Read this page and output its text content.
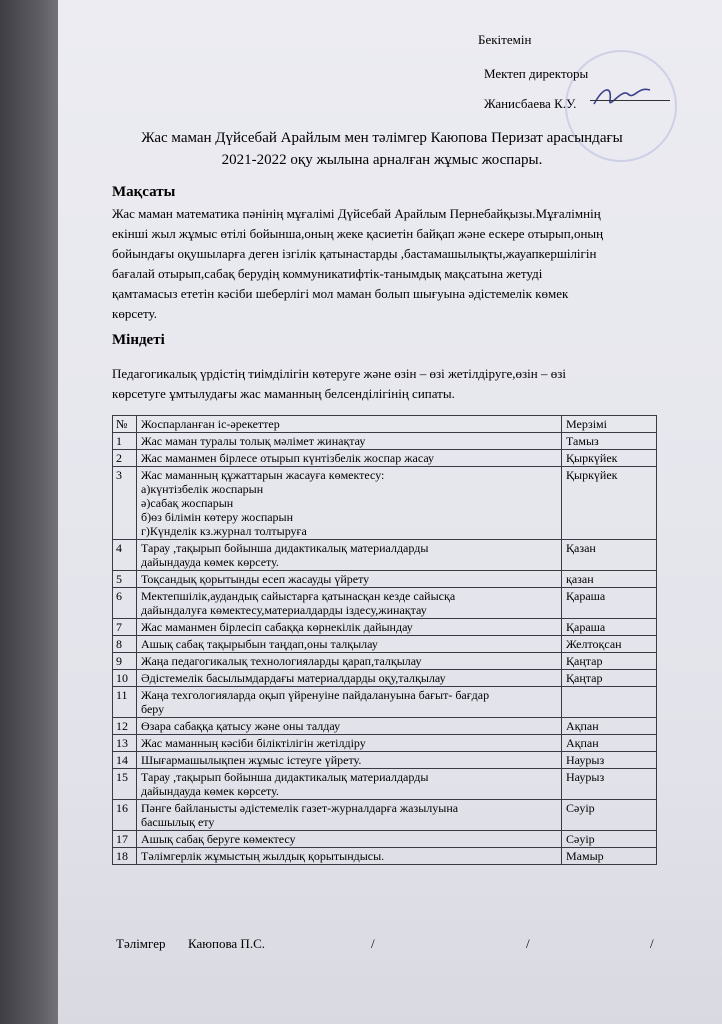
Бекітемін
Мектеп директоры
Жанисбаева К.У.
Жас маман Дүйсебай Арайлым мен тәлімгер Каюпова Перизат арасындағы
2021-2022 оқу жылына арналған жұмыс жоспары.
Мақсаты
Жас маман математика пәнінің мұғалімі Дүйсебай Арайлым Пернебайқызы.Мұғалімнің
екінші жыл жұмыс өтілі бойынша,оның жеке қасиетін байқап және ескере отырып,оның
бойындағы оқушыларға деген ізгілік қатынастарды ,бастамашылықты,жауапкершілігін
бағалай отырып,сабақ берудің коммуникатифтік-танымдық мақсатына жетуді
қамтамасыз ететін кәсіби шеберлігі мол маман болып шығуына әдістемелік көмек
көрсету.
Міндеті
Педагогикалық үрдістің тиімділігін көтеруге және өзін – өзі жетілдіруге,өзін – өзі
көрсетуге ұмтылудағы жас маманның белсенділігінің сипаты.
№	Жоспарланған іс-әрекеттер	Мерзімі
1	Жас маман туралы толық мәлімет жинақтау	Тамыз
2	Жас маманмен бірлесе отырып күнтізбелік жоспар жасау	Қыркүйек
3	Жас маманның құжаттарын жасауға көмектесу:
а)күнтізбелік жоспарын
ә)сабақ жоспарын
б)өз білімін көтеру жоспарын
г)Күнделік кз.журнал толтыруға	Қыркүйек
4	Тарау ,тақырып бойынша дидактикалық материалдарды
дайындауда көмек көрсету.	Қазан
5	Тоқсандық қорытынды есеп жасауды үйрету	қазан
6	Мектепшілік,аудандық сайыстарға қатынасқан кезде сайысқа
дайындалуға көмектесу,материалдарды іздесу,жинақтау	Қараша
7	Жас маманмен бірлесіп сабаққа көрнекілік дайындау	Қараша
8	Ашық сабақ тақырыбын таңдап,оны талқылау	Желтоқсан
9	Жаңа педагогикалық технологияларды қарап,талқылау	Қаңтар
10	Әдістемелік басылымдардағы материалдарды оқу,талқылау	Қаңтар
11	Жаңа техгологияларда оқып үйренуіне пайдалануына бағыт- бағдар
беру	

12	Өзара сабаққа қатысу және оны талдау	Ақпан
13	Жас маманның кәсіби біліктілігін жетілдіру	Ақпан
14	Шығармашылықпен жұмыс істеуге үйрету.	Наурыз
15	Тарау ,тақырып бойынша дидактикалық материалдарды
дайындауда көмек көрсету.	Наурыз
16	Пәнге байланысты әдістемелік газет-журналдарға жазылуына
басшылық ету	Сәуір
17	Ашық сабақ беруге көмектесу	Сәуір
18	Тәлімгерлік жұмыстың жылдық қорытындысы.	Мамыр
Тәлімгер Каюпова П.С.	/	/	/
